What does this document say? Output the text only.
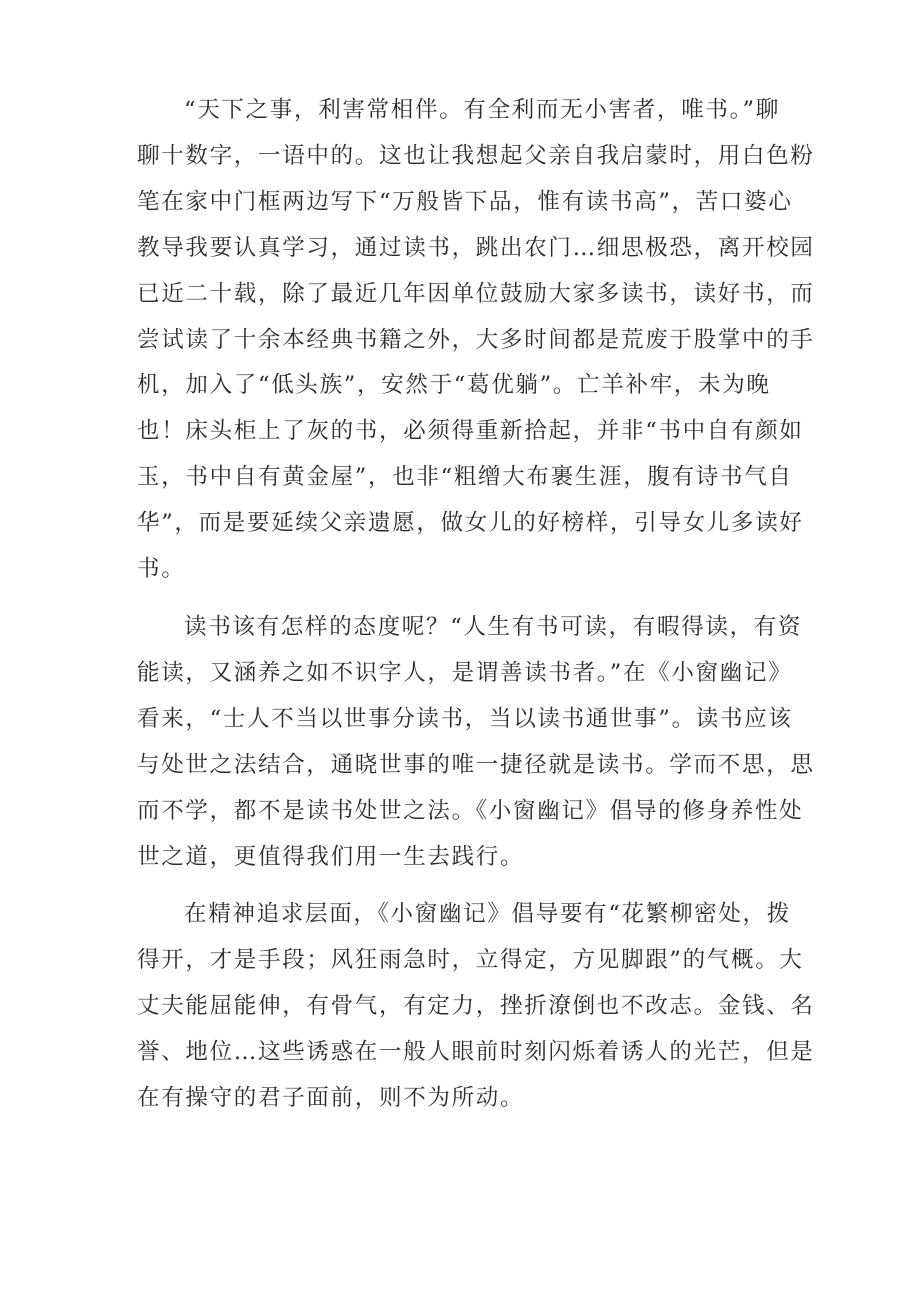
“天下之事，利害常相伴。有全利而无小害者，唯书。”聊
聊十数字，一语中的。这也让我想起父亲自我启蒙时，用白色粉
笔在家中门框两边写下“万般皆下品，惟有读书高”，苦口婆心
教导我要认真学习，通过读书，跳出农门…细思极恐，离开校园
已近二十载，除了最近几年因单位鼓励大家多读书，读好书，而
尝试读了十余本经典书籍之外，大多时间都是荒废于股掌中的手
机，加入了“低头族”，安然于“葛优躺”。亡羊补牢，未为晚
也！床头柜上了灰的书，必须得重新拾起，并非“书中自有颜如
玉，书中自有黄金屋”，也非“粗缯大布裹生涯，腹有诗书气自
华”，而是要延续父亲遗愿，做女儿的好榜样，引导女儿多读好
书。

读书该有怎样的态度呢？“人生有书可读，有暇得读，有资
能读，又涵养之如不识字人，是谓善读书者。”在《小窗幽记》
看来，“士人不当以世事分读书，当以读书通世事”。读书应该
与处世之法结合，通晓世事的唯一捷径就是读书。学而不思，思
而不学，都不是读书处世之法。《小窗幽记》倡导的修身养性处
世之道，更值得我们用一生去践行。

在精神追求层面，《小窗幽记》倡导要有“花繁柳密处，拨
得开，才是手段；风狂雨急时，立得定，方见脚跟”的气概。大
丈夫能屈能伸，有骨气，有定力，挫折潦倒也不改志。金钱、名
誉、地位…这些诱惑在一般人眼前时刻闪烁着诱人的光芒，但是
在有操守的君子面前，则不为所动。
